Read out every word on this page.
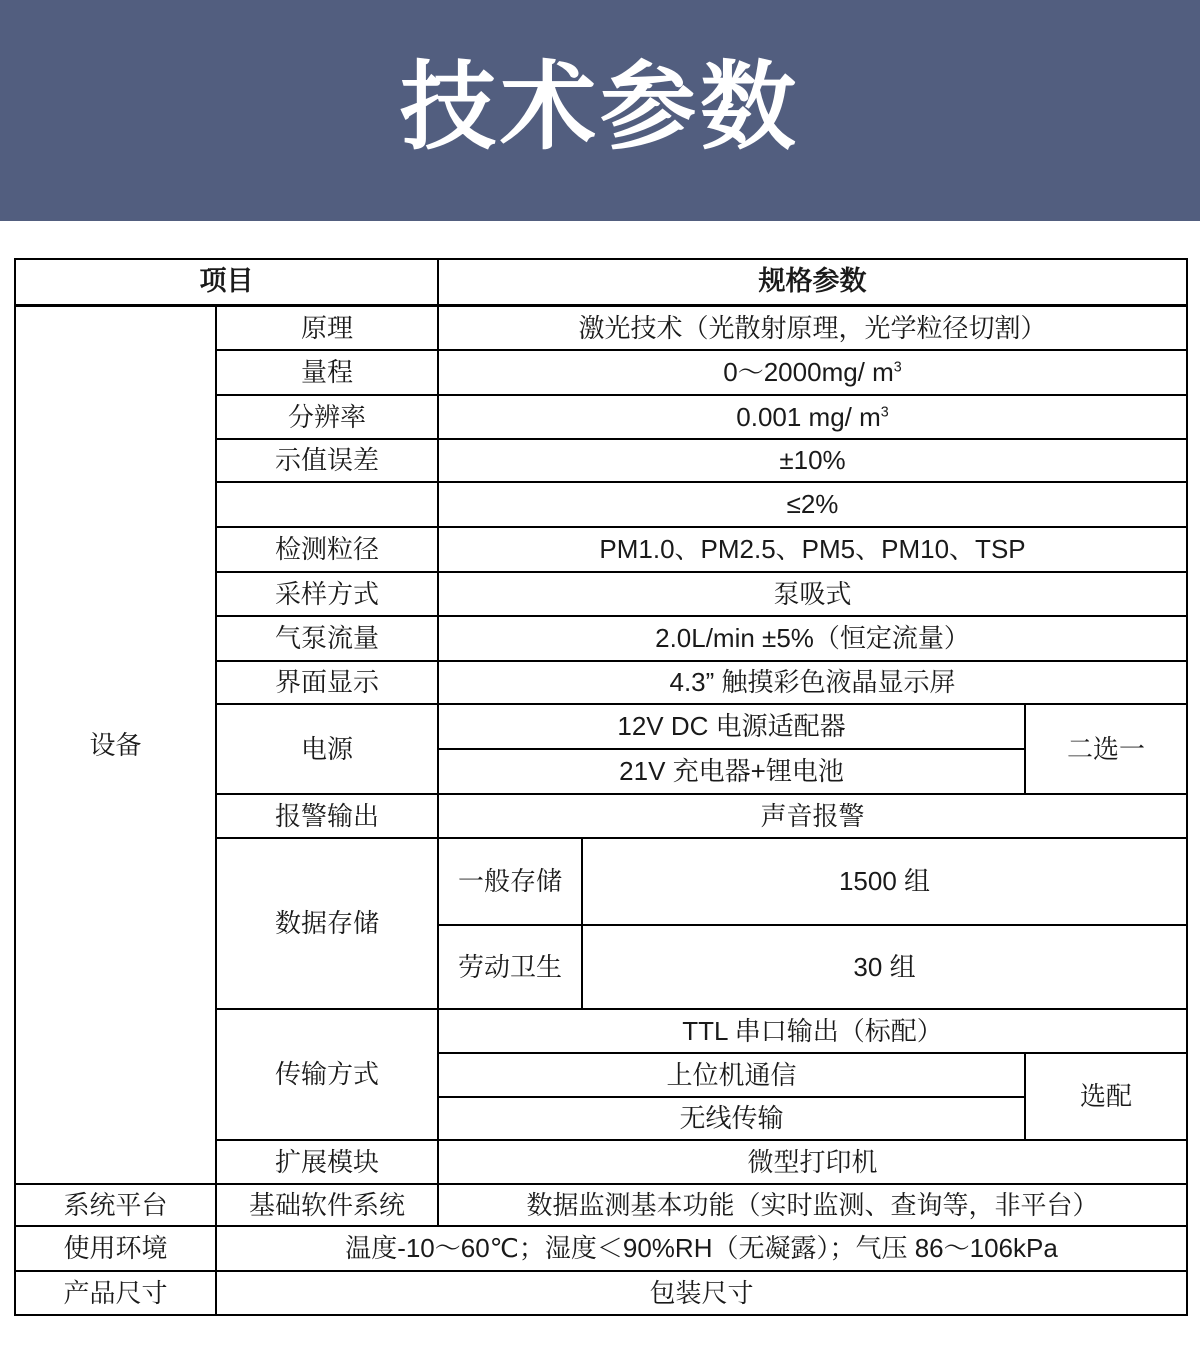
技术参数
项目		规格参数		
设备	原理	激光技术（光散射原理，光学粒径切割）		
	量程	0～2000mg/ $m^3$
	分辨率	0.001 mg/ $m^3$
	示值误差	±10%		
		≤2%		
	检测粒径	PM1.0、PM2.5、PM5、PM10、TSP		
	采样方式	泵吸式		
	气泵流量	2.0L/min ±5%（恒定流量）		
	界面显示	4.3” 触摸彩色液晶显示屏		
	电源	12V DC 电源适配器		二选一
		21V 充电器+锂电池		
	报警输出	声音报警		
	数据存储	一般存储	1500 组	
		劳动卫生	30 组	
	传输方式	TTL 串口输出（标配）		
		上位机通信		选配
		无线传输		
	扩展模块	微型打印机		
系统平台	基础软件系统	数据监测基本功能（实时监测、查询等，非平台）		
使用环境	温度-10～60℃；湿度＜90%RH（无凝露）；气压 86～106kPa			
产品尺寸	包装尺寸			
